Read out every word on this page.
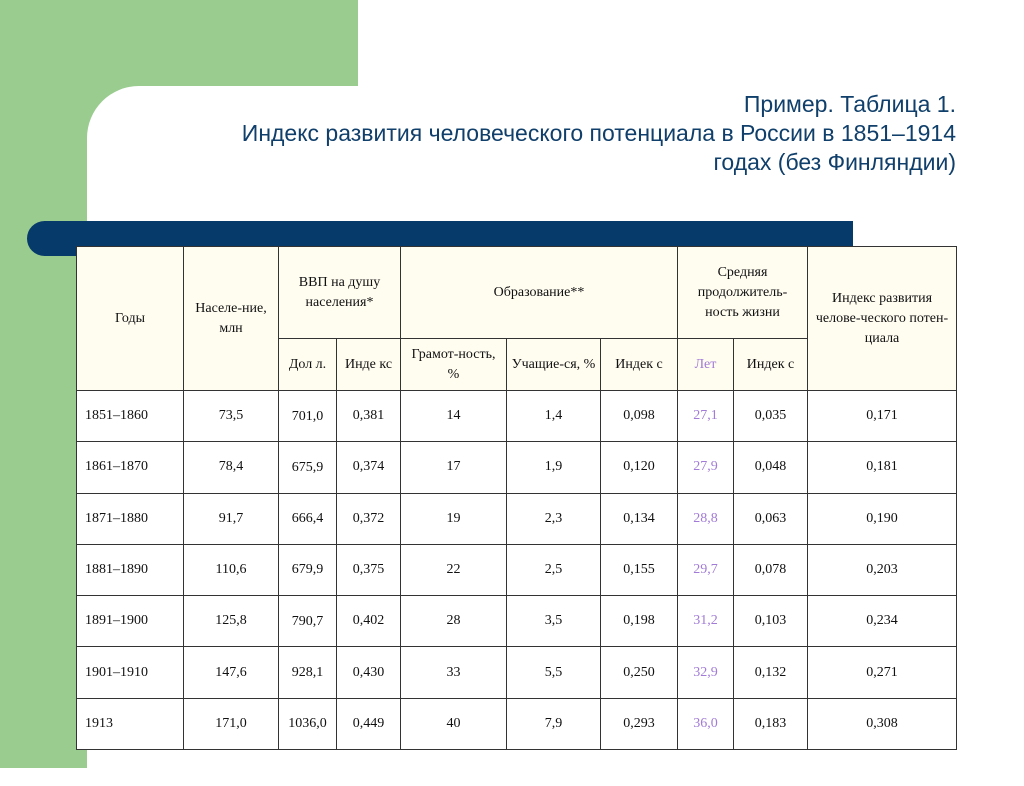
Пример. Таблица 1.
Индекс развития человеческого потенциала в России в 1851–1914
годах (без Финляндии)
Годы	Населе-ние, млн	ВВП на душу населения*		Образование**			Средняя продолжитель-ность жизни		Индекс развития челове-ческого потен-циала
		Дол л.	Инде кс	Грамот-ность, %	Учащие-ся, %	Индек с	Лет	Индек с	
1851–1860	73,5	701,0	0,381	14	1,4	0,098	27,1	0,035	0,171
1861–1870	78,4	675,9	0,374	17	1,9	0,120	27,9	0,048	0,181
1871–1880	91,7	666,4	0,372	19	2,3	0,134	28,8	0,063	0,190
1881–1890	110,6	679,9	0,375	22	2,5	0,155	29,7	0,078	0,203
1891–1900	125,8	790,7	0,402	28	3,5	0,198	31,2	0,103	0,234
1901–1910	147,6	928,1	0,430	33	5,5	0,250	32,9	0,132	0,271
1913	171,0	1036,0	0,449	40	7,9	0,293	36,0	0,183	0,308
